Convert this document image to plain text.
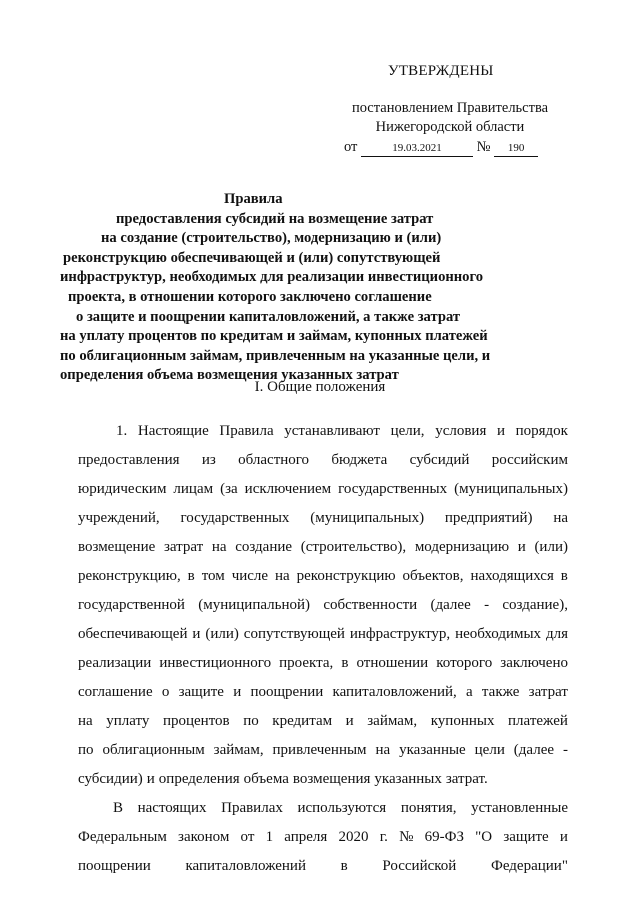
УТВЕРЖДЕНЫ
постановлением Правительства
Нижегородской области
от	19.03.2021 № 190
Правила
предоставления субсидий на возмещение затрат
на создание (строительство), модернизацию и (или)
реконструкцию обеспечивающей и (или) сопутствующей
инфраструктур, необходимых для реализации инвестиционного
проекта, в отношении которого заключено соглашение
о защите и поощрении капиталовложений, а также затрат
на уплату процентов по кредитам и займам, купонных платежей
по облигационным займам, привлеченным на указанные цели, и
определения объема возмещения указанных затрат
I. Общие положения
1. Настоящие Правила устанавливают цели, условия и порядок
предоставления из областного бюджета субсидий российским
юридическим лицам (за исключением государственных (муниципальных)
учреждений, государственных (муниципальных) предприятий) на
возмещение затрат на создание (строительство), модернизацию и (или)
реконструкцию, в том числе на реконструкцию объектов, находящихся в
государственной (муниципальной) собственности (далее - создание),
обеспечивающей и (или) сопутствующей инфраструктур, необходимых для
реализации инвестиционного проекта, в отношении которого заключено
соглашение о защите и поощрении капиталовложений, а также затрат
на уплату процентов по кредитам и займам, купонных платежей
по облигационным займам, привлеченным на указанные цели (далее -
субсидии) и определения объема возмещения указанных затрат.
В настоящих Правилах используются понятия, установленные
Федеральным законом от 1 апреля 2020 г. № 69-ФЗ "О защите и
поощрении капиталовложений в Российской Федерации"
